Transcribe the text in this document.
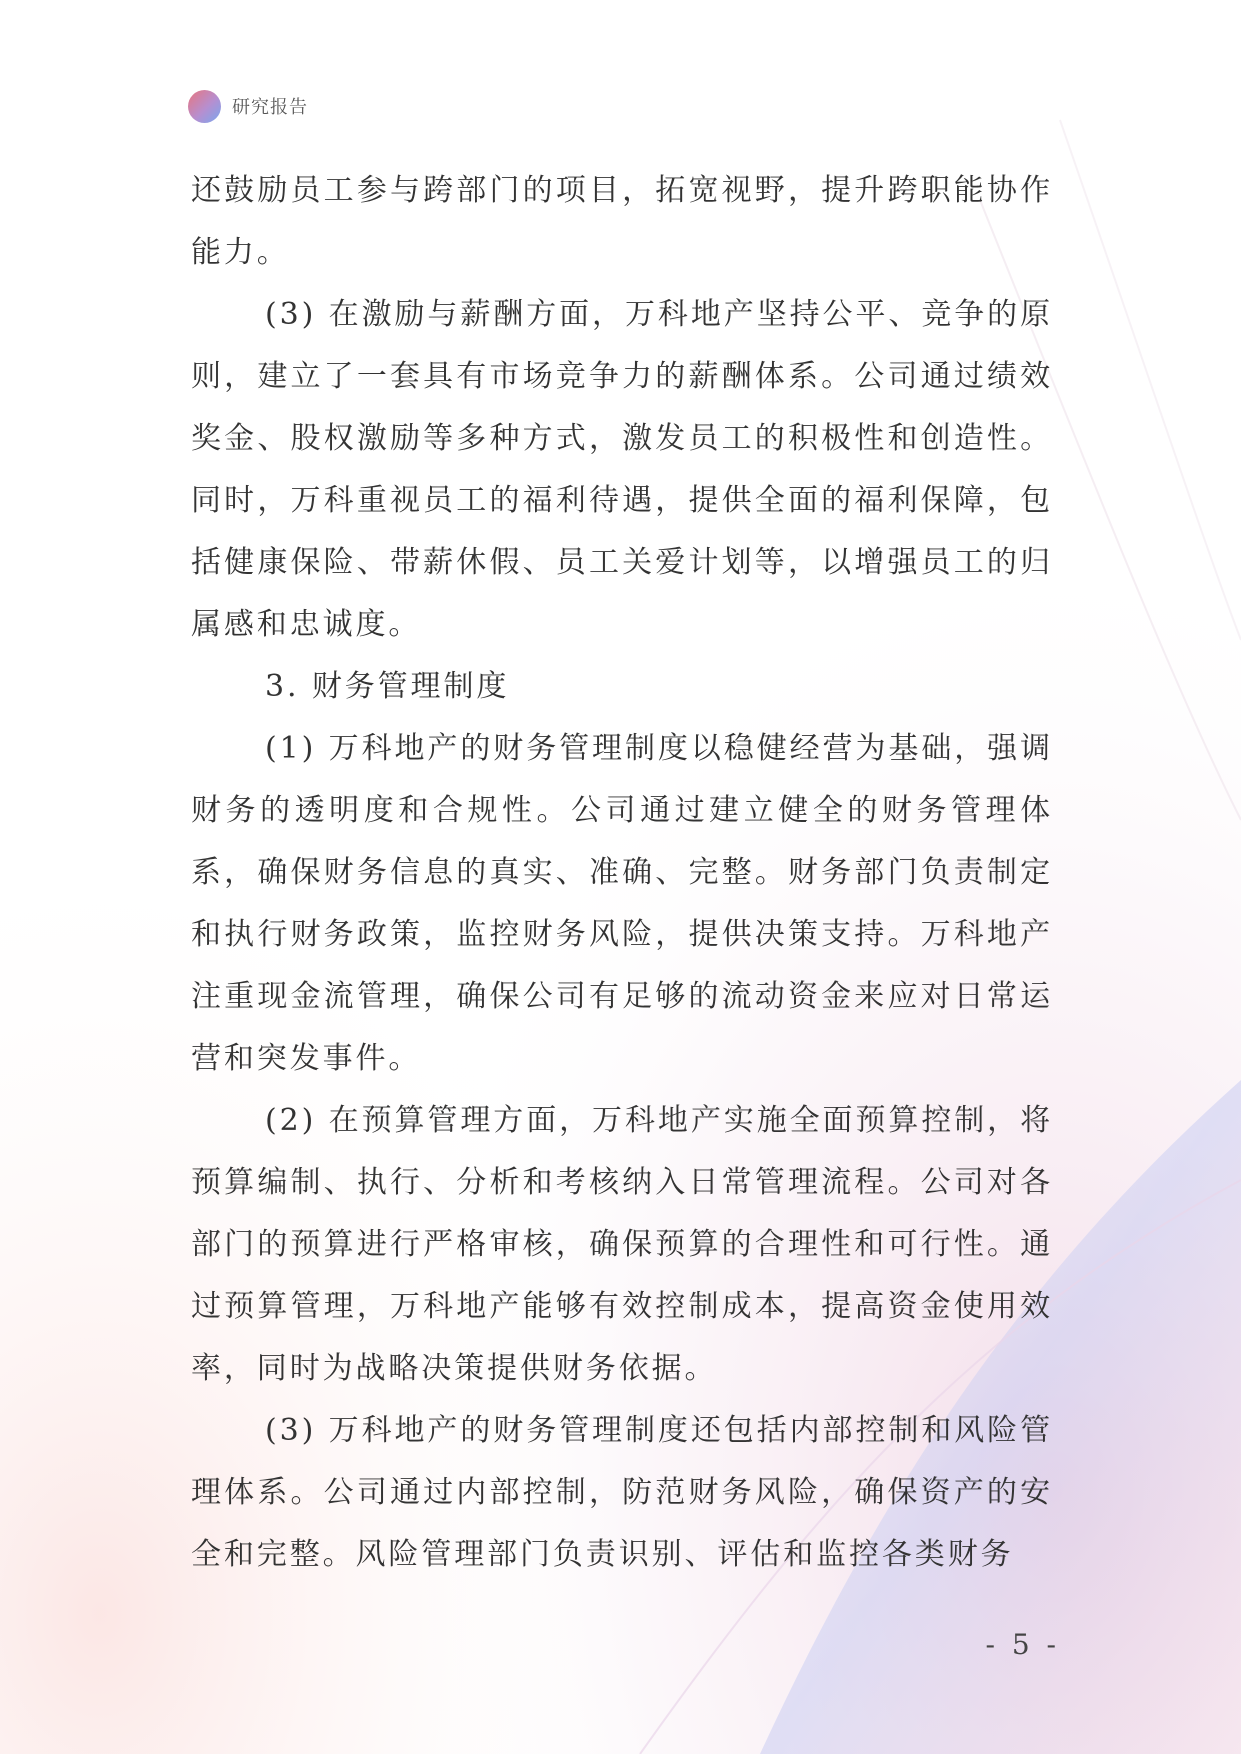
研究报告

还鼓励员工参与跨部门的项目，拓宽视野，提升跨职能协作能力。

(3) 在激励与薪酬方面，万科地产坚持公平、竞争的原则，建立了一套具有市场竞争力的薪酬体系。公司通过绩效奖金、股权激励等多种方式，激发员工的积极性和创造性。同时，万科重视员工的福利待遇，提供全面的福利保障，包括健康保险、带薪休假、员工关爱计划等，以增强员工的归属感和忠诚度。

3. 财务管理制度

(1) 万科地产的财务管理制度以稳健经营为基础，强调财务的透明度和合规性。公司通过建立健全的财务管理体系，确保财务信息的真实、准确、完整。财务部门负责制定和执行财务政策，监控财务风险，提供决策支持。万科地产注重现金流管理，确保公司有足够的流动资金来应对日常运营和突发事件。

(2) 在预算管理方面，万科地产实施全面预算控制，将预算编制、执行、分析和考核纳入日常管理流程。公司对各部门的预算进行严格审核，确保预算的合理性和可行性。通过预算管理，万科地产能够有效控制成本，提高资金使用效率，同时为战略决策提供财务依据。

(3) 万科地产的财务管理制度还包括内部控制和风险管理体系。公司通过内部控制，防范财务风险，确保资产的安全和完整。风险管理部门负责识别、评估和监控各类财务

- 5 -
